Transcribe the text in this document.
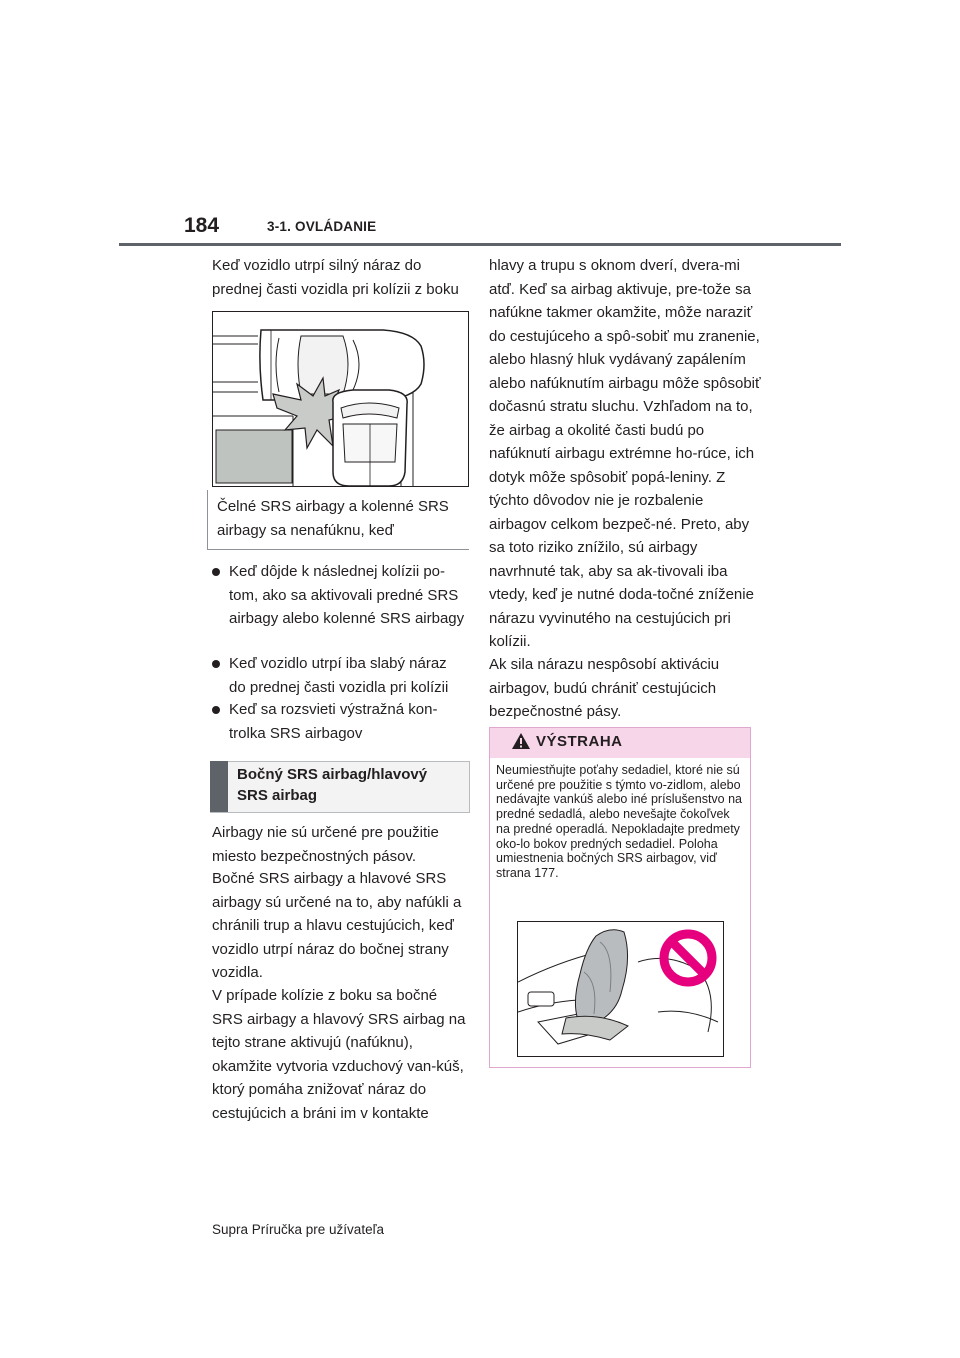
184	3-1. OVLÁDANIE

Keď vozidlo utrpí silný náraz do prednej časti vozidla pri kolízii z boku

Čelné SRS airbagy a kolenné SRS airbagy sa nenafúknu, keď
Keď dôjde k následnej kolízii po-tom, ako sa aktivovali predné SRS airbagy alebo kolenné SRS airbagy
Keď vozidlo utrpí iba slabý náraz do prednej časti vozidla pri kolízii
Keď sa rozsvieti výstražná kon-trolka SRS airbagov
Bočný SRS airbag/hlavový SRS airbag

Airbagy nie sú určené pre použitie miesto bezpečnostných pásov.

Bočné SRS airbagy a hlavové SRS airbagy sú určené na to, aby nafúkli a chránili trup a hlavu cestujúcich, keď vozidlo utrpí náraz do bočnej strany vozidla.

V prípade kolízie z boku sa bočné SRS airbagy a hlavový SRS airbag na tejto strane aktivujú (nafúknu), okamžite vytvoria vzduchový van-kúš, ktorý pomáha znižovať náraz do cestujúcich a bráni im v kontakte

hlavy a trupu s oknom dverí, dvera-mi atď. Keď sa airbag aktivuje, pre-tože sa nafúkne takmer okamžite, môže naraziť do cestujúceho a spô-sobiť mu zranenie, alebo hlasný hluk vydávaný zapálením alebo nafúknutím airbagu môže spôsobiť dočasnú stratu sluchu. Vzhľadom na to, že airbag a okolité časti budú po nafúknutí airbagu extrémne ho-rúce, ich dotyk môže spôsobiť popá-leniny. Z týchto dôvodov nie je rozbalenie airbagov celkom bezpeč-né. Preto, aby sa toto riziko znížilo, sú airbagy navrhnuté tak, aby sa ak-tivovali iba vtedy, keď je nutné doda-točné zníženie nárazu vyvinutého na cestujúcich pri kolízii.

Ak sila nárazu nespôsobí aktiváciu airbagov, budú chrániť cestujúcich bezpečnostné pásy.

VÝSTRAHA
Neumiestňujte poťahy sedadiel, ktoré nie sú určené pre použitie s týmto vo-zidlom, alebo nedávajte vankúš alebo iné príslušenstvo na predné sedadlá, alebo nevešajte čokoľvek na predné operadlá. Nepokladajte predmety oko-lo bokov predných sedadiel. Poloha umiestnenia bočných SRS airbagov, viď strana 177.
Supra Príručka pre užívateľa
